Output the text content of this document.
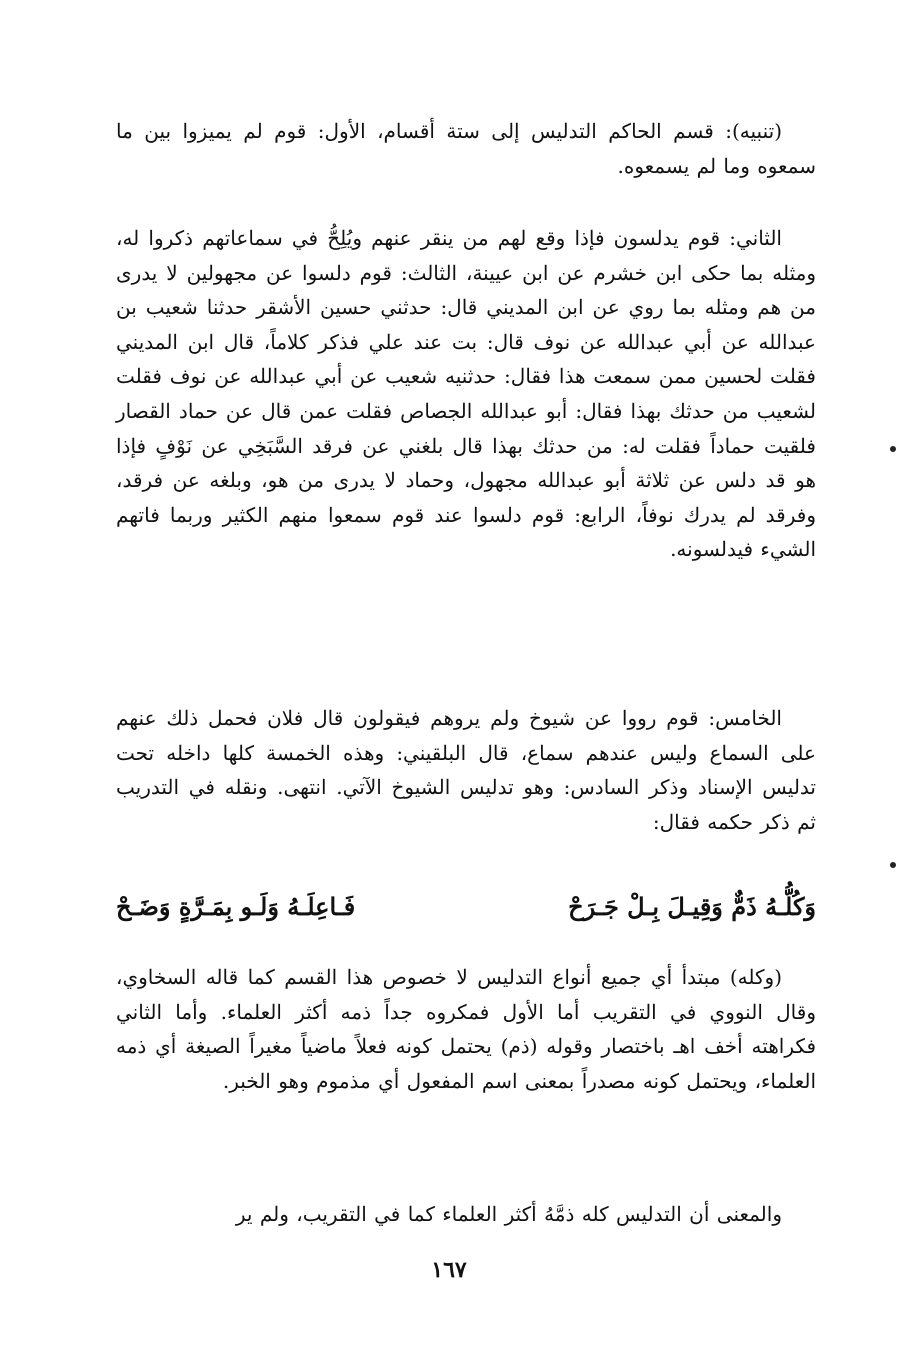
(تنبيه): قسم الحاكم التدليس إلى ستة أقسام، الأول: قوم لم يميزوا بين ما سمعوه وما لم يسمعوه.
الثاني: قوم يدلسون فإذا وقع لهم من ينقر عنهم ويُلِحُّ في سماعاتهم ذكروا له، ومثله بما حكى ابن خشرم عن ابن عيينة، الثالث: قوم دلسوا عن مجهولين لا يدرى من هم ومثله بما روي عن ابن المديني قال: حدثني حسين الأشقر حدثنا شعيب بن عبدالله عن أبي عبدالله عن نوف قال: بت عند علي فذكر كلاماً، قال ابن المديني فقلت لحسين ممن سمعت هذا فقال: حدثنيه شعيب عن أبي عبدالله عن نوف فقلت لشعيب من حدثك بهذا فقال: أبو عبدالله الجصاص فقلت عمن قال عن حماد القصار فلقيت حماداً فقلت له: من حدثك بهذا قال بلغني عن فرقد السَّبَخِي عن نَوْفٍ فإذا هو قد دلس عن ثلاثة أبو عبدالله مجهول، وحماد لا يدرى من هو، وبلغه عن فرقد، وفرقد لم يدرك نوفاً، الرابع: قوم دلسوا عند قوم سمعوا منهم الكثير وربما فاتهم الشيء فيدلسونه.
الخامس: قوم رووا عن شيوخ ولم يروهم فيقولون قال فلان فحمل ذلك عنهم على السماع وليس عندهم سماع، قال البلقيني: وهذه الخمسة كلها داخله تحت تدليس الإسناد وذكر السادس: وهو تدليس الشيوخ الآتي. انتهى. ونقله في التدريب ثم ذكر حكمه فقال:
وَكُلُّـهُ ذَمٌّ وَقِيـلَ بِـلْ جَـرَحْ
فَـاعِلَـهُ وَلَـو بِمَـرَّةٍ وَضَـحْ
(وكله) مبتدأ أي جميع أنواع التدليس لا خصوص هذا القسم كما قاله السخاوي، وقال النووي في التقريب أما الأول فمكروه جداً ذمه أكثر العلماء. وأما الثاني فكراهته أخف اهـ باختصار وقوله (ذم) يحتمل كونه فعلاً ماضياً مغيراً الصيغة أي ذمه العلماء، ويحتمل كونه مصدراً بمعنى اسم المفعول أي مذموم وهو الخبر.
والمعنى أن التدليس كله ذمَّهُ أكثر العلماء كما في التقريب، ولم ير
١٦٧
